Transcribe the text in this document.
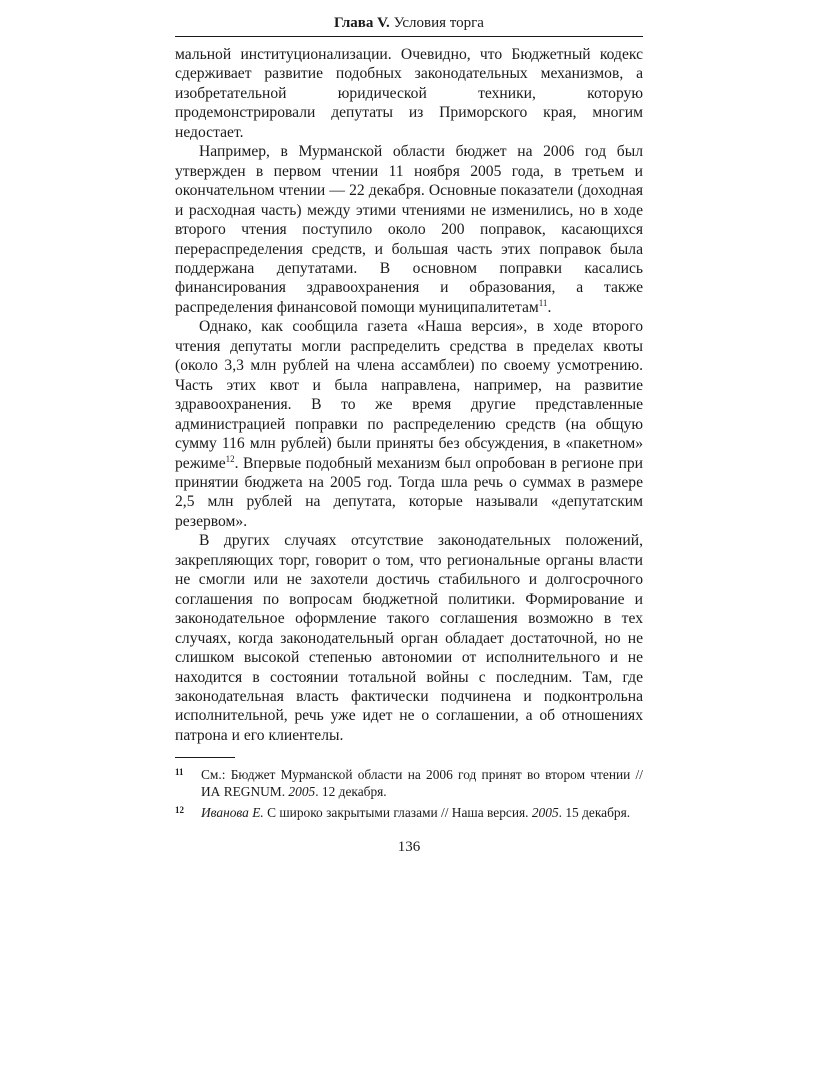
Глава V. Условия торга

мальной институционализации. Очевидно, что Бюджетный кодекс сдерживает развитие подобных законодательных механизмов, а изобретательной юридической техники, которую продемонстрировали депутаты из Приморского края, многим недостает.

Например, в Мурманской области бюджет на 2006 год был утвержден в первом чтении 11 ноября 2005 года, в третьем и окончательном чтении — 22 декабря. Основные показатели (доходная и расходная часть) между этими чтениями не изменились, но в ходе второго чтения поступило около 200 поправок, касающихся перераспределения средств, и большая часть этих поправок была поддержана депутатами. В основном поправки касались финансирования здравоохранения и образования, а также распределения финансовой помощи муниципалитетам$^{11}$.

Однако, как сообщила газета «Наша версия», в ходе второго чтения депутаты могли распределить средства в пределах квоты (около 3,3 млн рублей на члена ассамблеи) по своему усмотрению. Часть этих квот и была направлена, например, на развитие здравоохранения. В то же время другие представленные администрацией поправки по распределению средств (на общую сумму 116 млн рублей) были приняты без обсуждения, в «пакетном» режиме$^{12}$. Впервые подобный механизм был опробован в регионе при принятии бюджета на 2005 год. Тогда шла речь о суммах в размере 2,5 млн рублей на депутата, которые называли «депутатским резервом».

В других случаях отсутствие законодательных положений, закрепляющих торг, говорит о том, что региональные органы власти не смогли или не захотели достичь стабильного и долгосрочного соглашения по вопросам бюджетной политики. Формирование и законодательное оформление такого соглашения возможно в тех случаях, когда законодательный орган обладает достаточной, но не слишком высокой степенью автономии от исполнительного и не находится в состоянии тотальной войны с последним. Там, где законодательная власть фактически подчинена и подконтрольна исполнительной, речь уже идет не о соглашении, а об отношениях патрона и его клиентелы.

11 См.: Бюджет Мурманской области на 2006 год принят во втором чтении // ИА REGNUM. 2005. 12 декабря.
12 Иванова Е. С широко закрытыми глазами // Наша версия. 2005. 15 декабря.
136
